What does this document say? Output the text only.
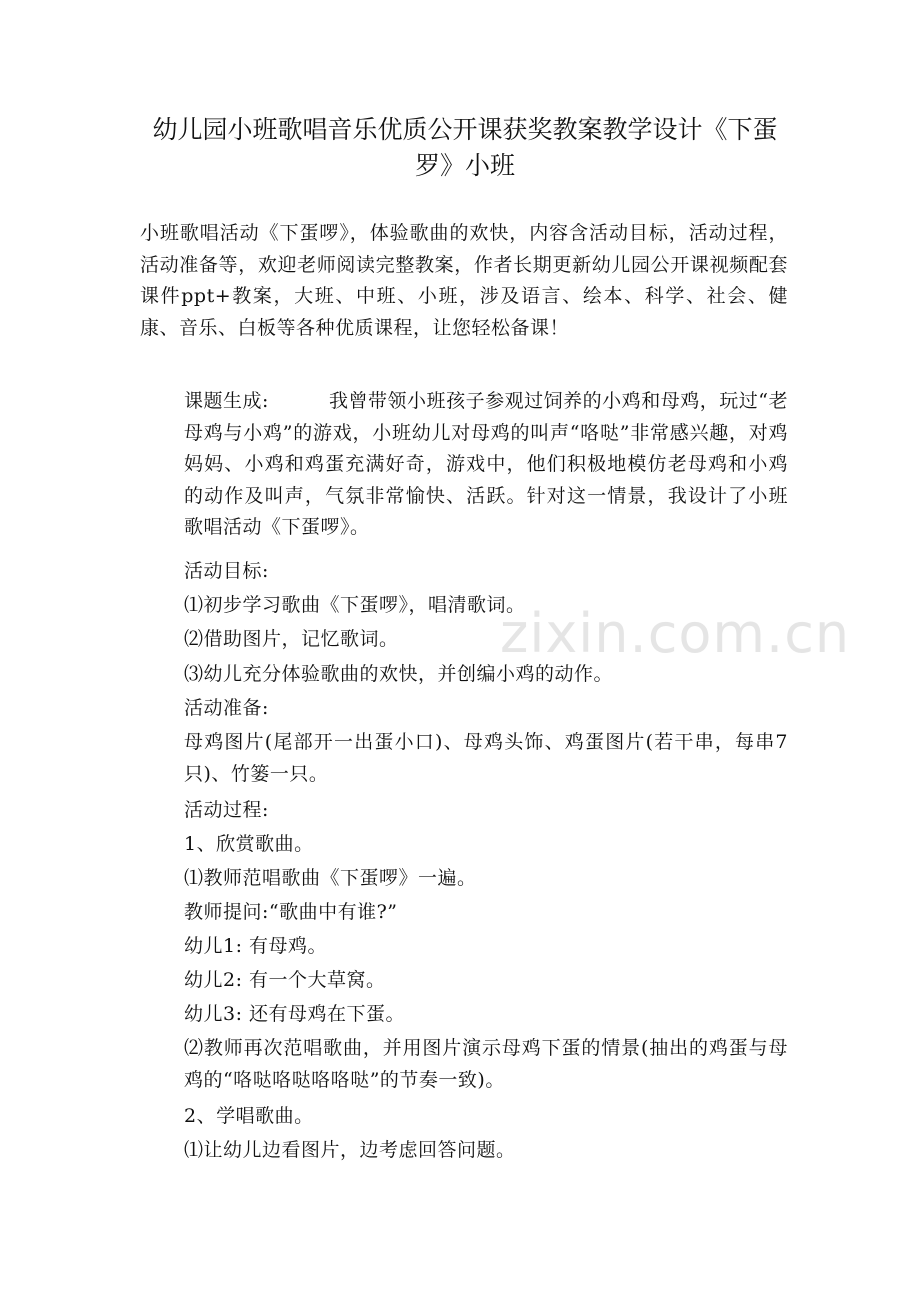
幼儿园小班歌唱音乐优质公开课获奖教案教学设计《下蛋罗》小班

小班歌唱活动《下蛋啰》，体验歌曲的欢快，内容含活动目标，活动过程，活动准备等，欢迎老师阅读完整教案，作者长期更新幼儿园公开课视频配套课件ppt+教案，大班、中班、小班，涉及语言、绘本、科学、社会、健康、音乐、白板等各种优质课程，让您轻松备课！

课题生成:	我曾带领小班孩子参观过饲养的小鸡和母鸡，玩过“老母鸡与小鸡”的游戏，小班幼儿对母鸡的叫声“咯哒”非常感兴趣，对鸡妈妈、小鸡和鸡蛋充满好奇，游戏中，他们积极地模仿老母鸡和小鸡的动作及叫声，气氛非常愉快、活跃。针对这一情景，我设计了小班歌唱活动《下蛋啰》。

活动目标:

⑴初步学习歌曲《下蛋啰》，唱清歌词。

⑵借助图片，记忆歌词。

⑶幼儿充分体验歌曲的欢快，并创编小鸡的动作。

活动准备:

母鸡图片(尾部开一出蛋小口)、母鸡头饰、鸡蛋图片(若干串，每串7只)、竹篓一只。

活动过程:

1、欣赏歌曲。

⑴教师范唱歌曲《下蛋啰》一遍。

教师提问:“歌曲中有谁?”

幼儿1: 有母鸡。

幼儿2: 有一个大草窝。

幼儿3: 还有母鸡在下蛋。

⑵教师再次范唱歌曲，并用图片演示母鸡下蛋的情景(抽出的鸡蛋与母鸡的“咯哒咯哒咯咯哒”的节奏一致)。

2、学唱歌曲。

⑴让幼儿边看图片，边考虑回答问题。

zixin.com.cn
